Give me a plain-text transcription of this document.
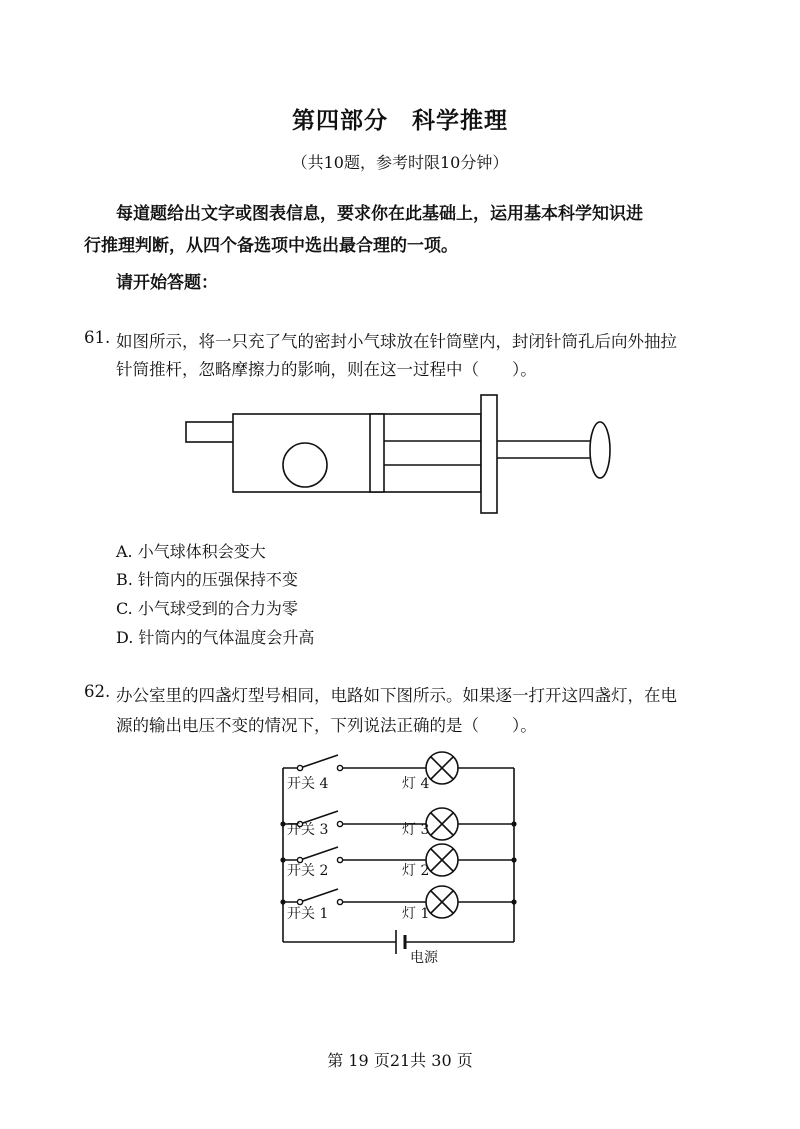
第四部分　科学推理
（共10题，参考时限10分钟）
每道题给出文字或图表信息，要求你在此基础上，运用基本科学知识进
行推理判断，从四个备选项中选出最合理的一项。
请开始答题：
61. 如图所示，将一只充了气的密封小气球放在针筒壁内，封闭针筒孔后向外抽拉
针筒推杆，忽略摩擦力的影响，则在这一过程中（　　）。
A. 小气球体积会变大
B. 针筒内的压强保持不变
C. 小气球受到的合力为零
D. 针筒内的气体温度会升高
62. 办公室里的四盏灯型号相同，电路如下图所示。如果逐一打开这四盏灯，在电
源的输出电压不变的情况下，下列说法正确的是（　　）。
开关 4
开关 3
开关 2
开关 1
灯 4
灯 3
灯 2
灯 1
电源
第 19 页21共 30 页
